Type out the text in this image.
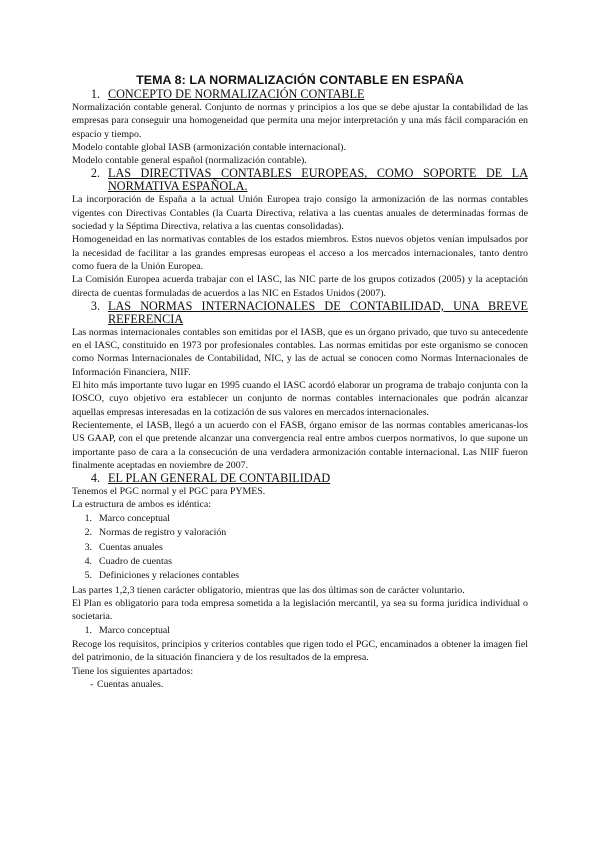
TEMA 8: LA NORMALIZACIÓN CONTABLE EN ESPAÑA
1. CONCEPTO DE NORMALIZACIÓN CONTABLE

Normalización contable general. Conjunto de normas y principios a los que se debe ajustar la contabilidad de las empresas para conseguir una homogeneidad que permita una mejor interpretación y una más fácil comparación en espacio y tiempo.

Modelo contable global IASB (armonización contable internacional).

Modelo contable general español (normalización contable).

2. LAS DIRECTIVAS CONTABLES EUROPEAS, COMO SOPORTE DE LA NORMATIVA ESPAÑOLA.

La incorporación de España a la actual Unión Europea trajo consigo la armonización de las normas contables vigentes con Directivas Contables (la Cuarta Directiva, relativa a las cuentas anuales de determinadas formas de sociedad y la Séptima Directiva, relativa a las cuentas consolidadas).

Homogeneidad en las normativas contables de los estados miembros. Estos nuevos objetos venían impulsados por la necesidad de facilitar a las grandes empresas europeas el acceso a los mercados internacionales, tanto dentro como fuera de la Unión Europea.

La Comisión Europea acuerda trabajar con el IASC, las NIC parte de los grupos cotizados (2005) y la aceptación directa de cuentas formuladas de acuerdos a las NIC en Estados Unidos (2007).

3. LAS NORMAS INTERNACIONALES DE CONTABILIDAD, UNA BREVE REFERENCIA

Las normas internacionales contables son emitidas por el IASB, que es un órgano privado, que tuvo su antecedente en el IASC, constituido en 1973 por profesionales contables. Las normas emitidas por este organismo se conocen como Normas Internacionales de Contabilidad, NIC, y las de actual se conocen como Normas Internacionales de Información Financiera, NIIF.

El hito más importante tuvo lugar en 1995 cuando el IASC acordó elaborar un programa de trabajo conjunta con la IOSCO, cuyo objetivo era establecer un conjunto de normas contables internacionales que podrán alcanzar aquellas empresas interesadas en la cotización de sus valores en mercados internacionales.

Recientemente, el IASB, llegó a un acuerdo con el FASB, órgano emisor de las normas contables americanas-los US GAAP, con el que pretende alcanzar una convergencia real entre ambos cuerpos normativos, lo que supone un importante paso de cara a la consecución de una verdadera armonización contable internacional. Las NIIF fueron finalmente aceptadas en noviembre de 2007.

4. EL PLAN GENERAL DE CONTABILIDAD

Tenemos el PGC normal y el PGC para PYMES.

La estructura de ambos es idéntica:

1. Marco conceptual
2. Normas de registro y valoración
3. Cuentas anuales
4. Cuadro de cuentas
5. Definiciones y relaciones contables

Las partes 1,2,3 tienen carácter obligatorio, mientras que las dos últimas son de carácter voluntario.

El Plan es obligatorio para toda empresa sometida a la legislación mercantil, ya sea su forma jurídica individual o societaria.

1. Marco conceptual

Recoge los requisitos, principios y criterios contables que rigen todo el PGC, encaminados a obtener la imagen fiel del patrimonio, de la situación financiera y de los resultados de la empresa.

Tiene los siguientes apartados:

- Cuentas anuales.
